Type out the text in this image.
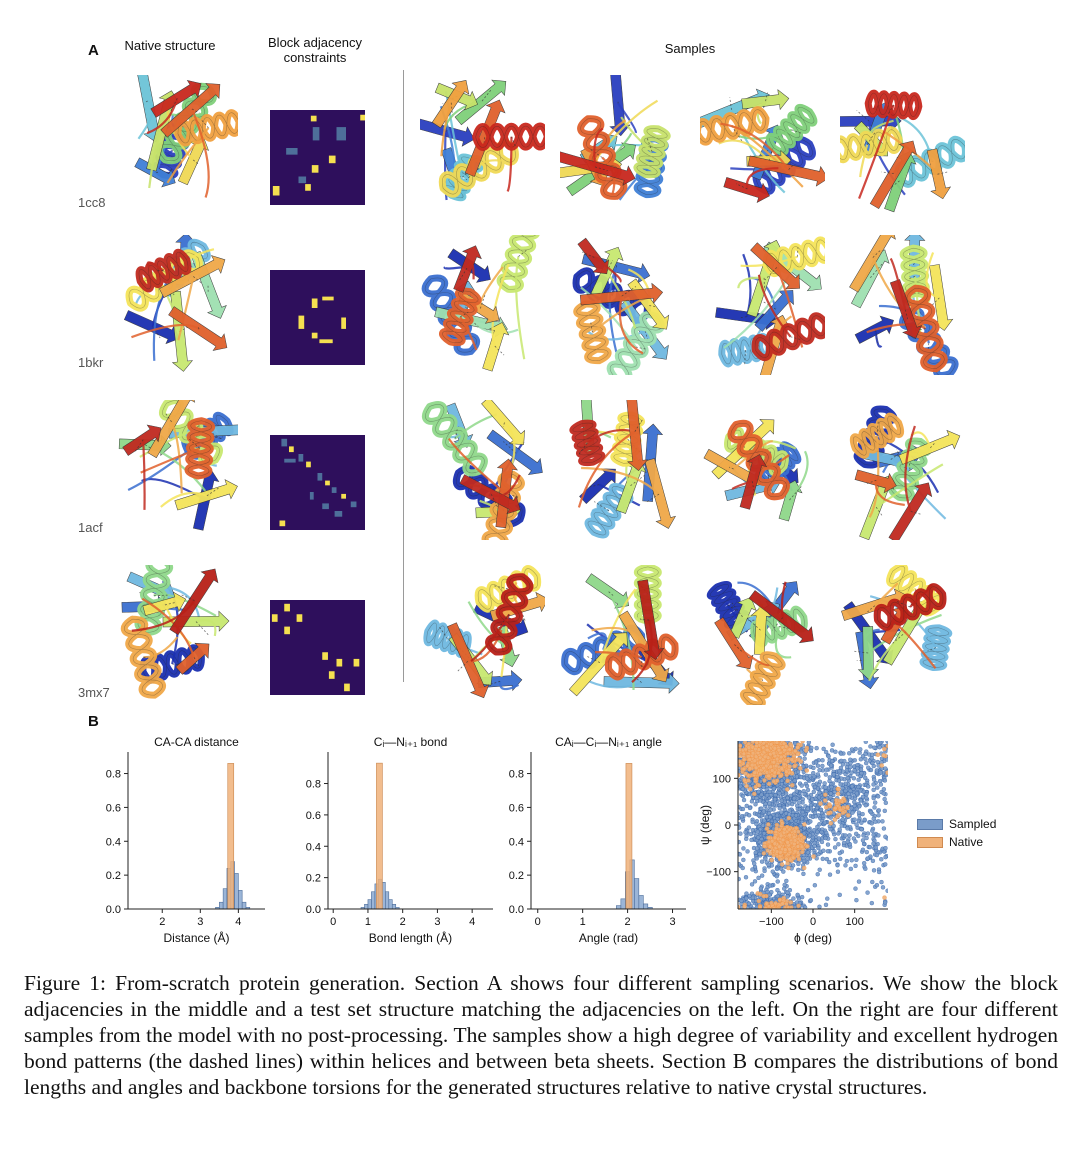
A	Native structure	Block adjacency
constraints
Samples
1cc8
1bkr
1acf
3mx7
B
0.0
0.2
0.4
0.6
0.8
2	3	4
CA-CA distance
Distance (Å)
0.0
0.2
0.4
0.6
0.8
0	1	2	3	4
Cᵢ—Nᵢ₊₁ bond
Bond length (Å)
0.0
0.2
0.4
0.6
0.8
0	1	2	3
CAᵢ—Cᵢ—Nᵢ₊₁ angle
Angle (rad)
−100
0
100
−100 0	100
ϕ (deg)
ψ (deg)	Sampled
Native
Figure 1: From-scratch protein generation. Section A shows four different sampling scenarios. We show the block adjacencies in the middle and a test set structure matching the adjacencies on the left. On the right are four different samples from the model with no post-processing. The samples show a high degree of variability and excellent hydrogen bond patterns (the dashed lines) within helices and between beta sheets. Section B compares the distributions of bond lengths and angles and backbone torsions for the generated structures relative to native crystal structures.
